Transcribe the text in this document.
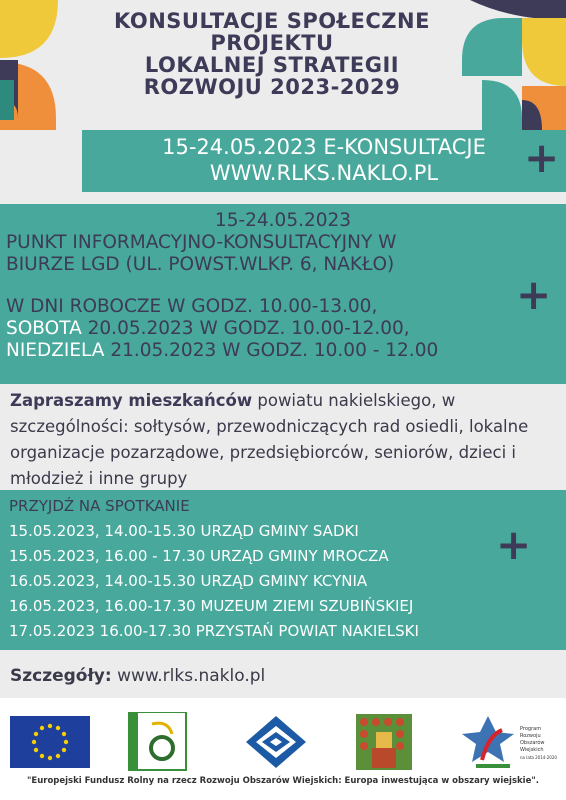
KONSULTACJE SPOŁECZNE
PROJEKTU
LOKALNEJ STRATEGII
ROZWOJU 2023-2029
15-24.05.2023 E-KONSULTACJE
WWW.RLKS.NAKLO.PL	+
15-24.05.2023
PUNKT INFORMACYJNO-KONSULTACYJNY W
BIURZE LGD (UL. POWST.WLKP. 6, NAKŁO)
W DNI ROBOCZE W GODZ. 10.00-13.00,
SOBOTA 20.05.2023 W GODZ. 10.00-12.00,
NIEDZIELA 21.05.2023 W GODZ. 10.00 - 12.00
+
Zapraszamy mieszkańców powiatu nakielskiego, w szczególności: sołtysów, przewodniczących rad osiedli, lokalne organizacje pozarządowe, przedsiębiorców, seniorów, dzieci i młodzież i inne grupy
PRZYJDŹ NA SPOTKANIE
15.05.2023, 14.00-15.30 URZĄD GMINY SADKI
15.05.2023, 16.00 - 17.30 URZĄD GMINY MROCZA
16.05.2023, 14.00-15.30 URZĄD GMINY KCYNIA
16.05.2023, 16.00-17.30 MUZEUM ZIEMI SZUBIŃSKIEJ
17.05.2023 16.00-17.30 PRZYSTAŃ POWIAT NAKIELSKI
+
Szczegóły: www.rlks.naklo.pl
LEADER	Program
Rozwoju
Obszarów
Wiejskich
na lata 2014-2020
"Europejski Fundusz Rolny na rzecz Rozwoju Obszarów Wiejskich: Europa inwestująca w obszary wiejskie".
